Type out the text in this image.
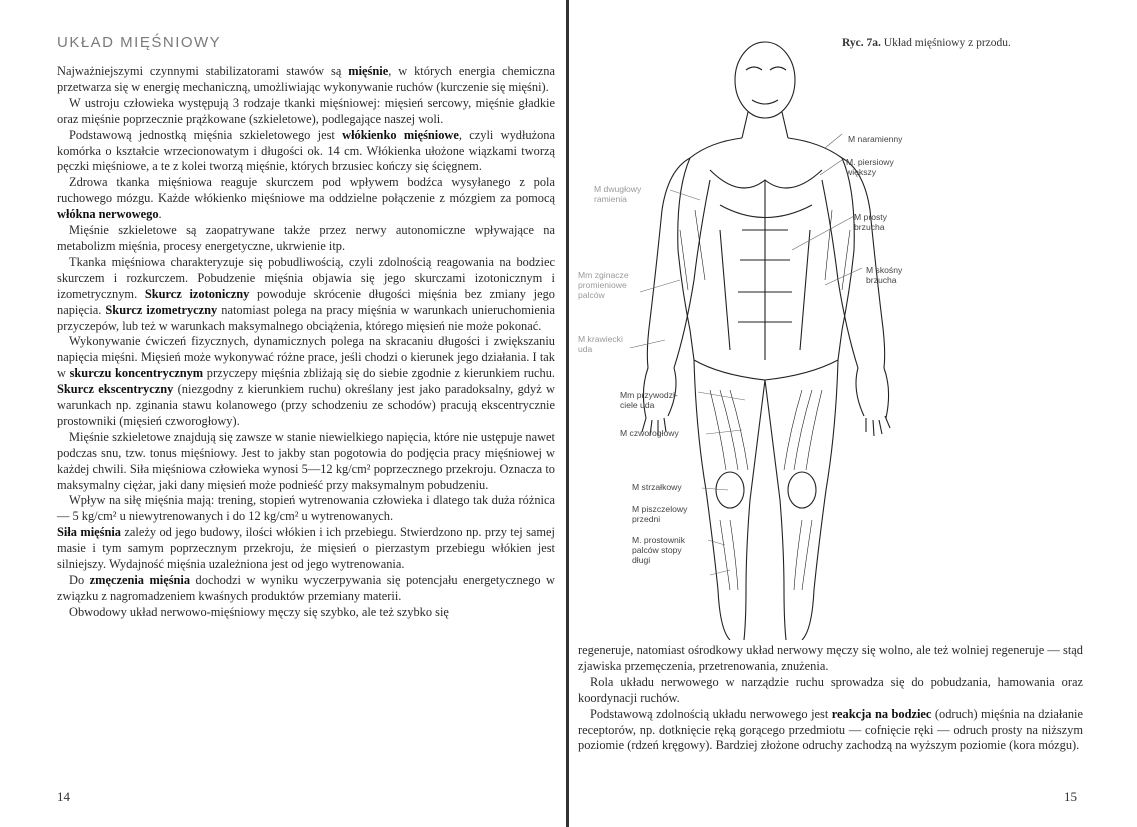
UKŁAD MIĘŚNIOWY

Najważniejszymi czynnymi stabilizatorami stawów są mięśnie, w których energia chemiczna przetwarza się w energię mechaniczną, umożliwiając wykonywanie ruchów (kurczenie się mięśni).

W ustroju człowieka występują 3 rodzaje tkanki mięśniowej: mięsień sercowy, mięśnie gładkie oraz mięśnie poprzecznie prążkowane (szkieletowe), podlegające naszej woli.

Podstawową jednostką mięśnia szkieletowego jest włókienko mięśniowe, czyli wydłużona komórka o kształcie wrzecionowatym i długości ok. 14 cm. Włókienka ułożone wiązkami tworzą pęczki mięśniowe, a te z kolei tworzą mięśnie, których brzusiec kończy się ścięgnem.

Zdrowa tkanka mięśniowa reaguje skurczem pod wpływem bodźca wysyłanego z pola ruchowego mózgu. Każde włókienko mięśniowe ma oddzielne połączenie z mózgiem za pomocą włókna nerwowego.

Mięśnie szkieletowe są zaopatrywane także przez nerwy autonomiczne wpływające na metabolizm mięśnia, procesy energetyczne, ukrwienie itp.

Tkanka mięśniowa charakteryzuje się pobudliwością, czyli zdolnością reagowania na bodziec skurczem i rozkurczem. Pobudzenie mięśnia objawia się jego skurczami izotonicznym i izometrycznym. Skurcz izotoniczny powoduje skrócenie długości mięśnia bez zmiany jego napięcia. Skurcz izometryczny natomiast polega na pracy mięśnia w warunkach unieruchomienia przyczepów, lub też w warunkach maksymalnego obciążenia, którego mięsień nie może pokonać.

Wykonywanie ćwiczeń fizycznych, dynamicznych polega na skracaniu długości i zwiększaniu napięcia mięśni. Mięsień może wykonywać różne prace, jeśli chodzi o kierunek jego działania. I tak w skurczu koncentrycznym przyczepy mięśnia zbliżają się do siebie zgodnie z kierunkiem ruchu. Skurcz ekscentryczny (niezgodny z kierunkiem ruchu) określany jest jako paradoksalny, gdyż w warunkach np. zginania stawu kolanowego (przy schodzeniu ze schodów) pracują ekscentrycznie prostowniki (mięsień czworogłowy).

Mięśnie szkieletowe znajdują się zawsze w stanie niewielkiego napięcia, które nie ustępuje nawet podczas snu, tzw. tonus mięśniowy. Jest to jakby stan pogotowia do podjęcia pracy mięśniowej w każdej chwili. Siła mięśniowa człowieka wynosi 5—12 kg/cm² poprzecznego przekroju. Oznacza to maksymalny ciężar, jaki dany mięsień może podnieść przy maksymalnym pobudzeniu.

Wpływ na siłę mięśnia mają: trening, stopień wytrenowania człowieka i dlatego tak duża różnica — 5 kg/cm² u niewytrenowanych i do 12 kg/cm² u wytrenowanych.

Siła mięśnia zależy od jego budowy, ilości włókien i ich przebiegu. Stwierdzono np. przy tej samej masie i tym samym poprzecznym przekroju, że mięsień o pierzastym przebiegu włókien jest silniejszy. Wydajność mięśnia uzależniona jest od jego wytrenowania.

Do zmęczenia mięśnia dochodzi w wyniku wyczerpywania się potencjału energetycznego w związku z nagromadzeniem kwaśnych produktów przemiany materii.

Obwodowy układ nerwowo-mięśniowy męczy się szybko, ale też szybko się

14
Ryc. 7a. Układ mięśniowy z przodu.
M naramienny
M. piersiowy
większy
M prosty
brzucha
M skośny
brzucha
M dwugłowy
ramienia
Mm zginacze
promieniowe
palców
M krawiecki
uda
Mm przywodzi-
ciele uda
M czworogłowy
M strzałkowy
M piszczelowy
przedni
M. prostownik
palców stopy
długi

regeneruje, natomiast ośrodkowy układ nerwowy męczy się wolno, ale też wolniej regeneruje — stąd zjawiska przemęczenia, przetrenowania, znużenia.

Rola układu nerwowego w narządzie ruchu sprowadza się do pobudzania, hamowania oraz koordynacji ruchów.

Podstawową zdolnością układu nerwowego jest reakcja na bodziec (odruch) mięśnia na działanie receptorów, np. dotknięcie ręką gorącego przedmiotu — cofnięcie ręki — odruch prosty na niższym poziomie (rdzeń kręgowy). Bardziej złożone odruchy zachodzą na wyższym poziomie (kora mózgu).

15
